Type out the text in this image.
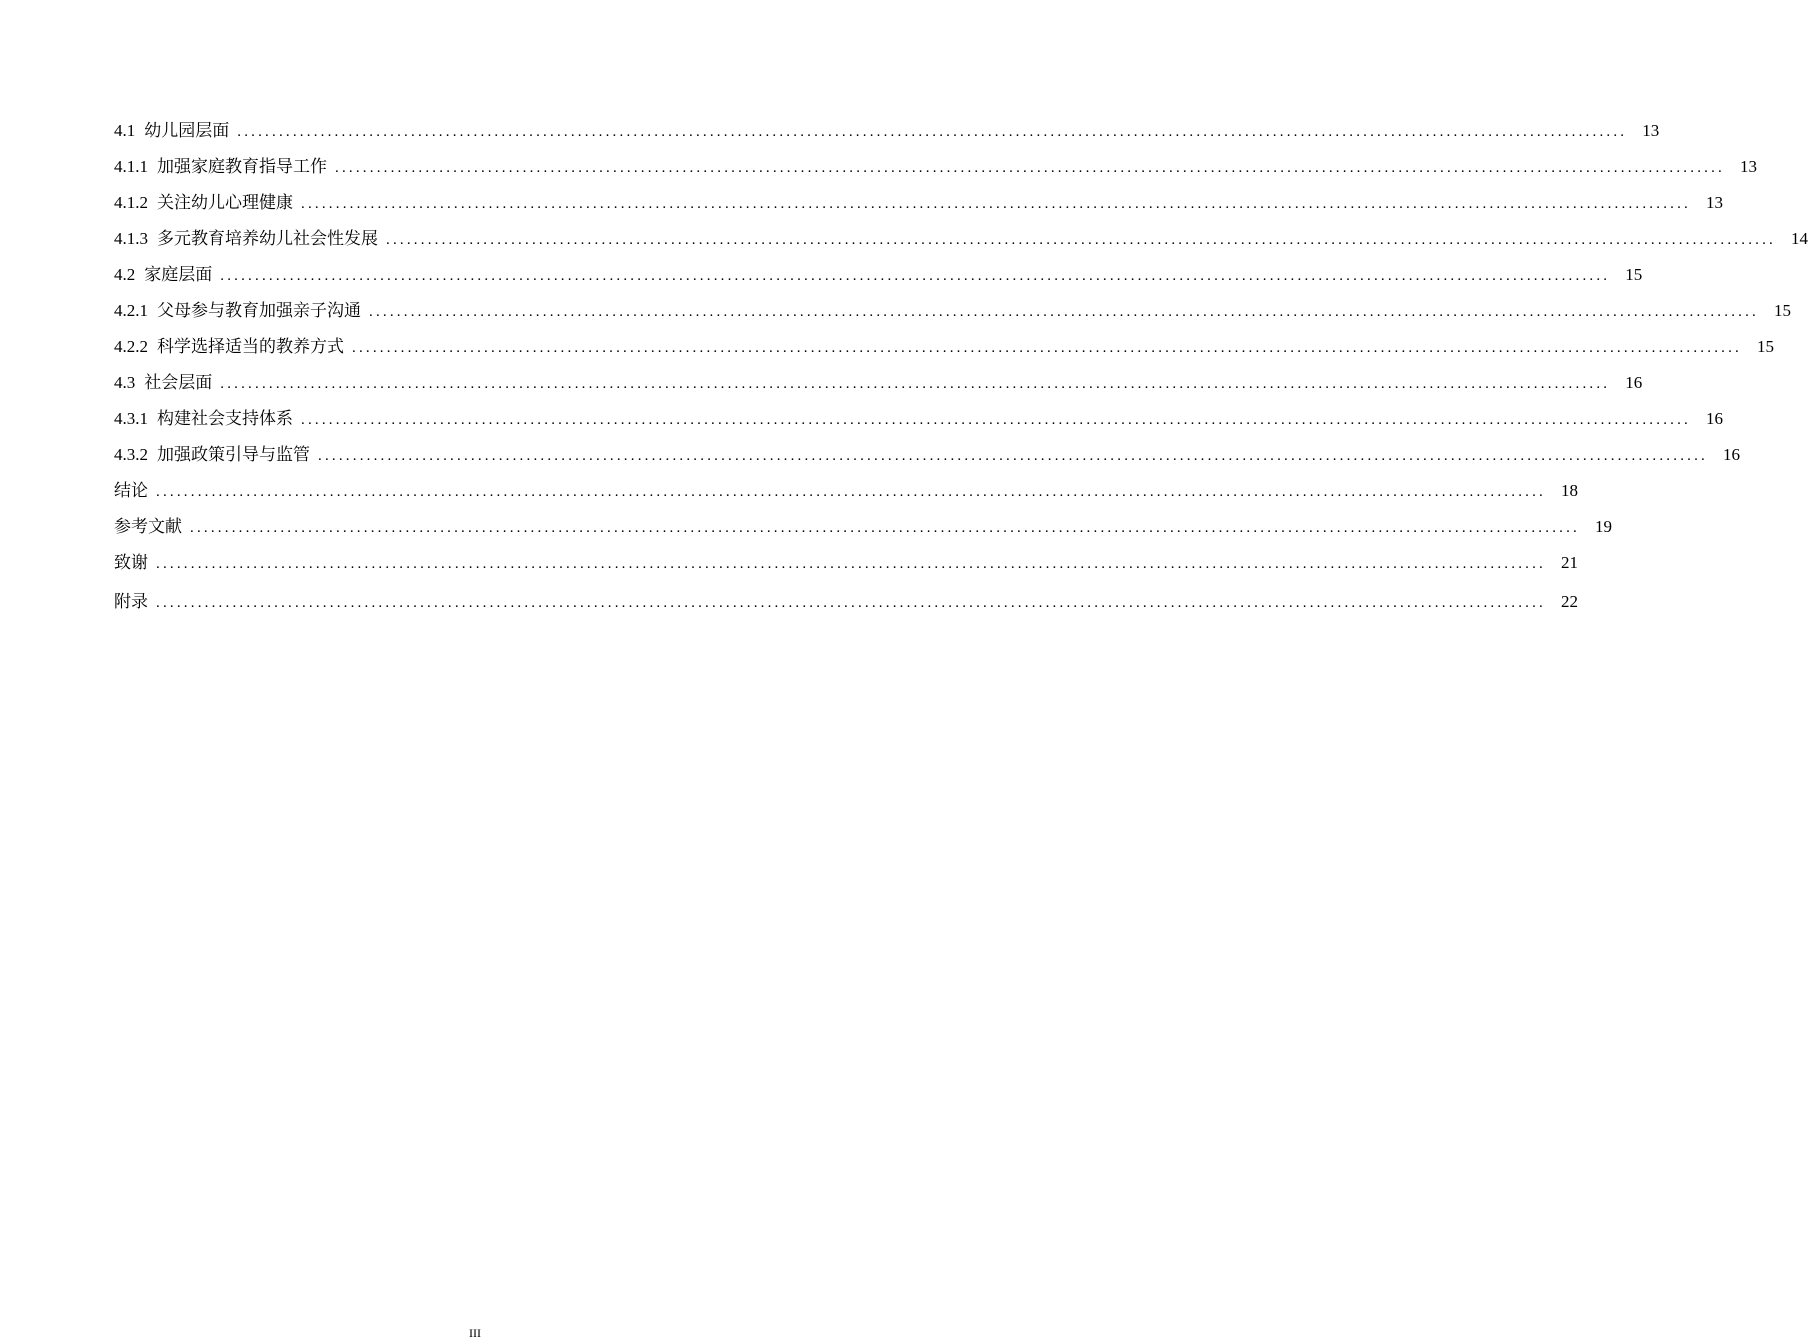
4.1 幼儿园层面 ........................................................................................................................................................................................................ 13
4.1.1 加强家庭教育指导工作 ........................................................................................................................................................................................................ 13
4.1.2 关注幼儿心理健康 ........................................................................................................................................................................................................ 13
4.1.3 多元教育培养幼儿社会性发展 ........................................................................................................................................................................................................ 14
4.2 家庭层面 ........................................................................................................................................................................................................ 15
4.2.1 父母参与教育加强亲子沟通 ........................................................................................................................................................................................................ 15
4.2.2 科学选择适当的教养方式 ........................................................................................................................................................................................................ 15
4.3 社会层面 ........................................................................................................................................................................................................ 16
4.3.1 构建社会支持体系 ........................................................................................................................................................................................................ 16
4.3.2 加强政策引导与监管 ........................................................................................................................................................................................................ 16
结论 ........................................................................................................................................................................................................ 18
参考文献 ........................................................................................................................................................................................................ 19
致谢 ........................................................................................................................................................................................................ 21
附录 ........................................................................................................................................................................................................ 22
III
